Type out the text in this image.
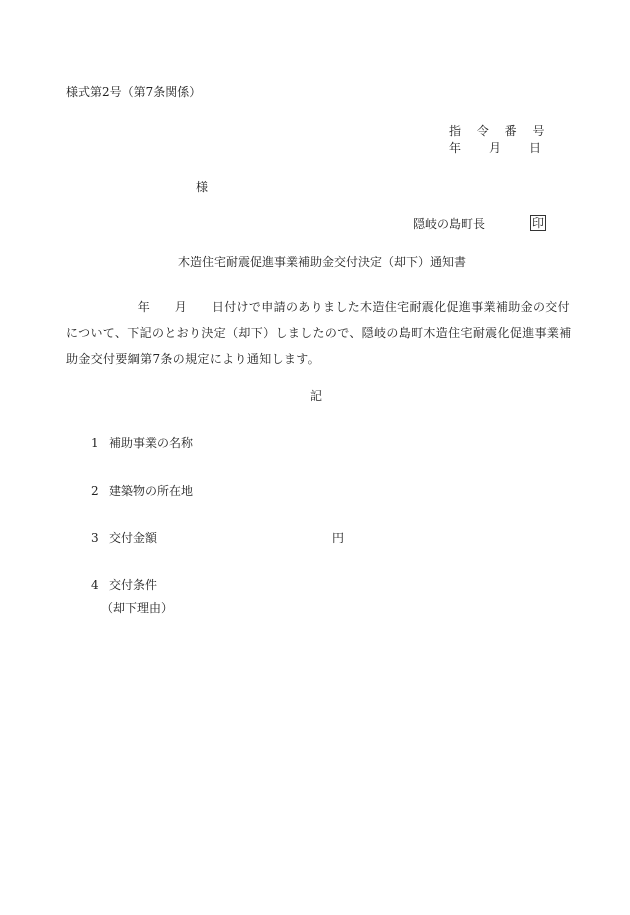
様式第2号（第7条関係）
指 令 番 号
年 月 日
様
隠岐の島町長	印
木造住宅耐震促進事業補助金交付決定（却下）通知書
　　　　　年　　月　　日付けで申請のありました木造住宅耐震化促進事業補助金の交付
について、下記のとおり決定（却下）しましたので、隠岐の島町木造住宅耐震化促進事業補
助金交付要綱第7条の規定により通知します。
記
1 補助事業の名称
2 建築物の所在地
3 交付金額	円
4 交付条件
（却下理由）
